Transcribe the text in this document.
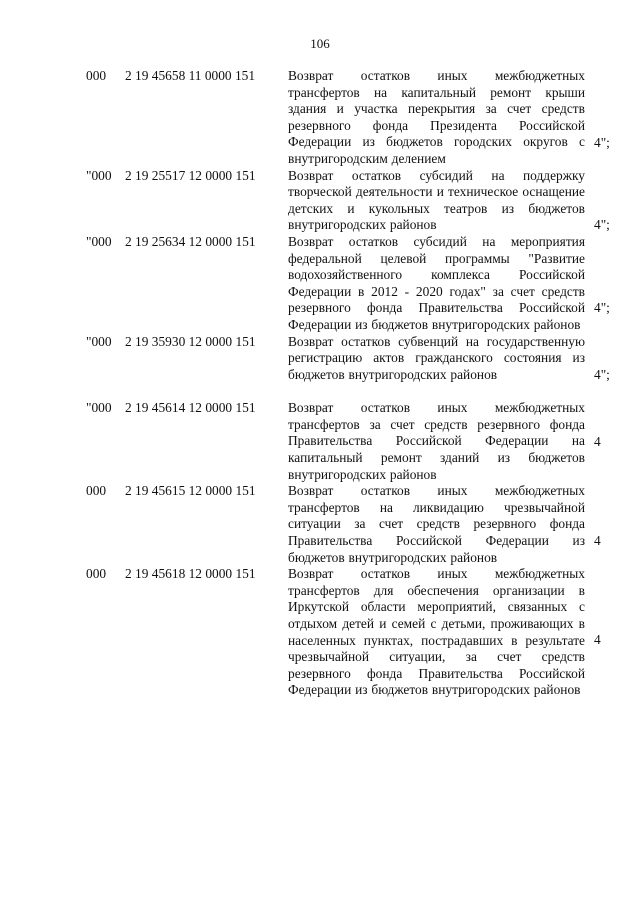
106
000 2 19 45658 11 0000 151 Возврат остатков иных межбюджетных трансфертов на капитальный ремонт крыши здания и участка перекрытия за счет средств резервного фонда Президента Российской Федерации из бюджетов городских округов с внутригородским делением
4";
"000 2 19 25517 12 0000 151 Возврат остатков субсидий на поддержку творческой деятельности и техническое оснащение детских и кукольных театров из бюджетов внутригородских районов	4";
"000 2 19 25634 12 0000 151 Возврат остатков субсидий на мероприятия федеральной целевой программы "Развитие водохозяйственного комплекса Российской Федерации в 2012 - 2020 годах" за счет средств резервного фонда Правительства Российской Федерации из бюджетов внутригородских районов
4";
"000 2 19 35930 12 0000 151 Возврат остатков субвенций на государственную регистрацию актов гражданского состояния из бюджетов внутригородских районов	4";
"000 2 19 45614 12 0000 151 Возврат остатков иных межбюджетных трансфертов за счет средств резервного фонда Правительства Российской Федерации на капитальный ремонт зданий из бюджетов внутригородских районов
4
000 2 19 45615 12 0000 151 Возврат остатков иных межбюджетных трансфертов на ликвидацию чрезвычайной ситуации за счет средств резервного фонда Правительства Российской Федерации из бюджетов внутригородских районов
4
000 2 19 45618 12 0000 151 Возврат остатков иных межбюджетных трансфертов для обеспечения организации в Иркутской области мероприятий, связанных с отдыхом детей и семей с детьми, проживающих в населенных пунктах, пострадавших в результате чрезвычайной ситуации, за счет средств резервного фонда Правительства Российской Федерации из бюджетов внутригородских районов
4
